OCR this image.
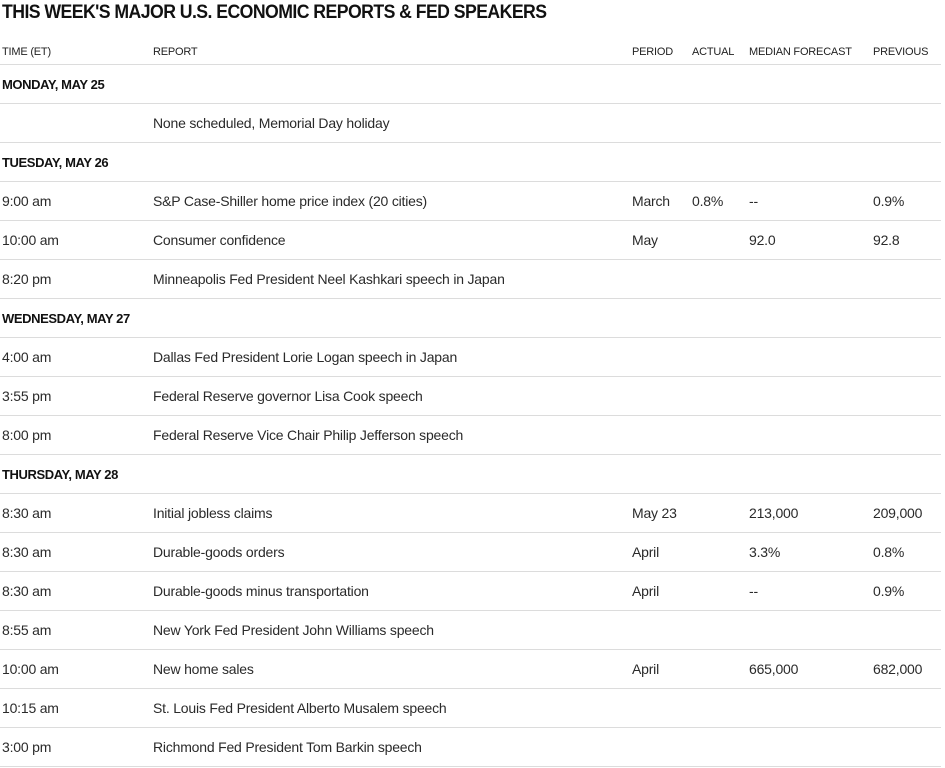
THIS WEEK'S MAJOR U.S. ECONOMIC REPORTS & FED SPEAKERS
TIME (ET)	REPORT	PERIOD	ACTUAL	MEDIAN FORECAST	PREVIOUS
MONDAY, MAY 25					
	None scheduled, Memorial Day holiday				
TUESDAY, MAY 26					
9:00 am	S&P Case-Shiller home price index (20 cities)	March	0.8%	--	0.9%
10:00 am	Consumer confidence	May		92.0	92.8
8:20 pm	Minneapolis Fed President Neel Kashkari speech in Japan				
WEDNESDAY, MAY 27					
4:00 am	Dallas Fed President Lorie Logan speech in Japan				
3:55 pm	Federal Reserve governor Lisa Cook speech				
8:00 pm	Federal Reserve Vice Chair Philip Jefferson speech				
THURSDAY, MAY 28					
8:30 am	Initial jobless claims	May 23		213,000	209,000
8:30 am	Durable-goods orders	April		3.3%	0.8%
8:30 am	Durable-goods minus transportation	April		--	0.9%
8:55 am	New York Fed President John Williams speech				
10:00 am	New home sales	April		665,000	682,000
10:15 am	St. Louis Fed President Alberto Musalem speech				
3:00 pm	Richmond Fed President Tom Barkin speech				
